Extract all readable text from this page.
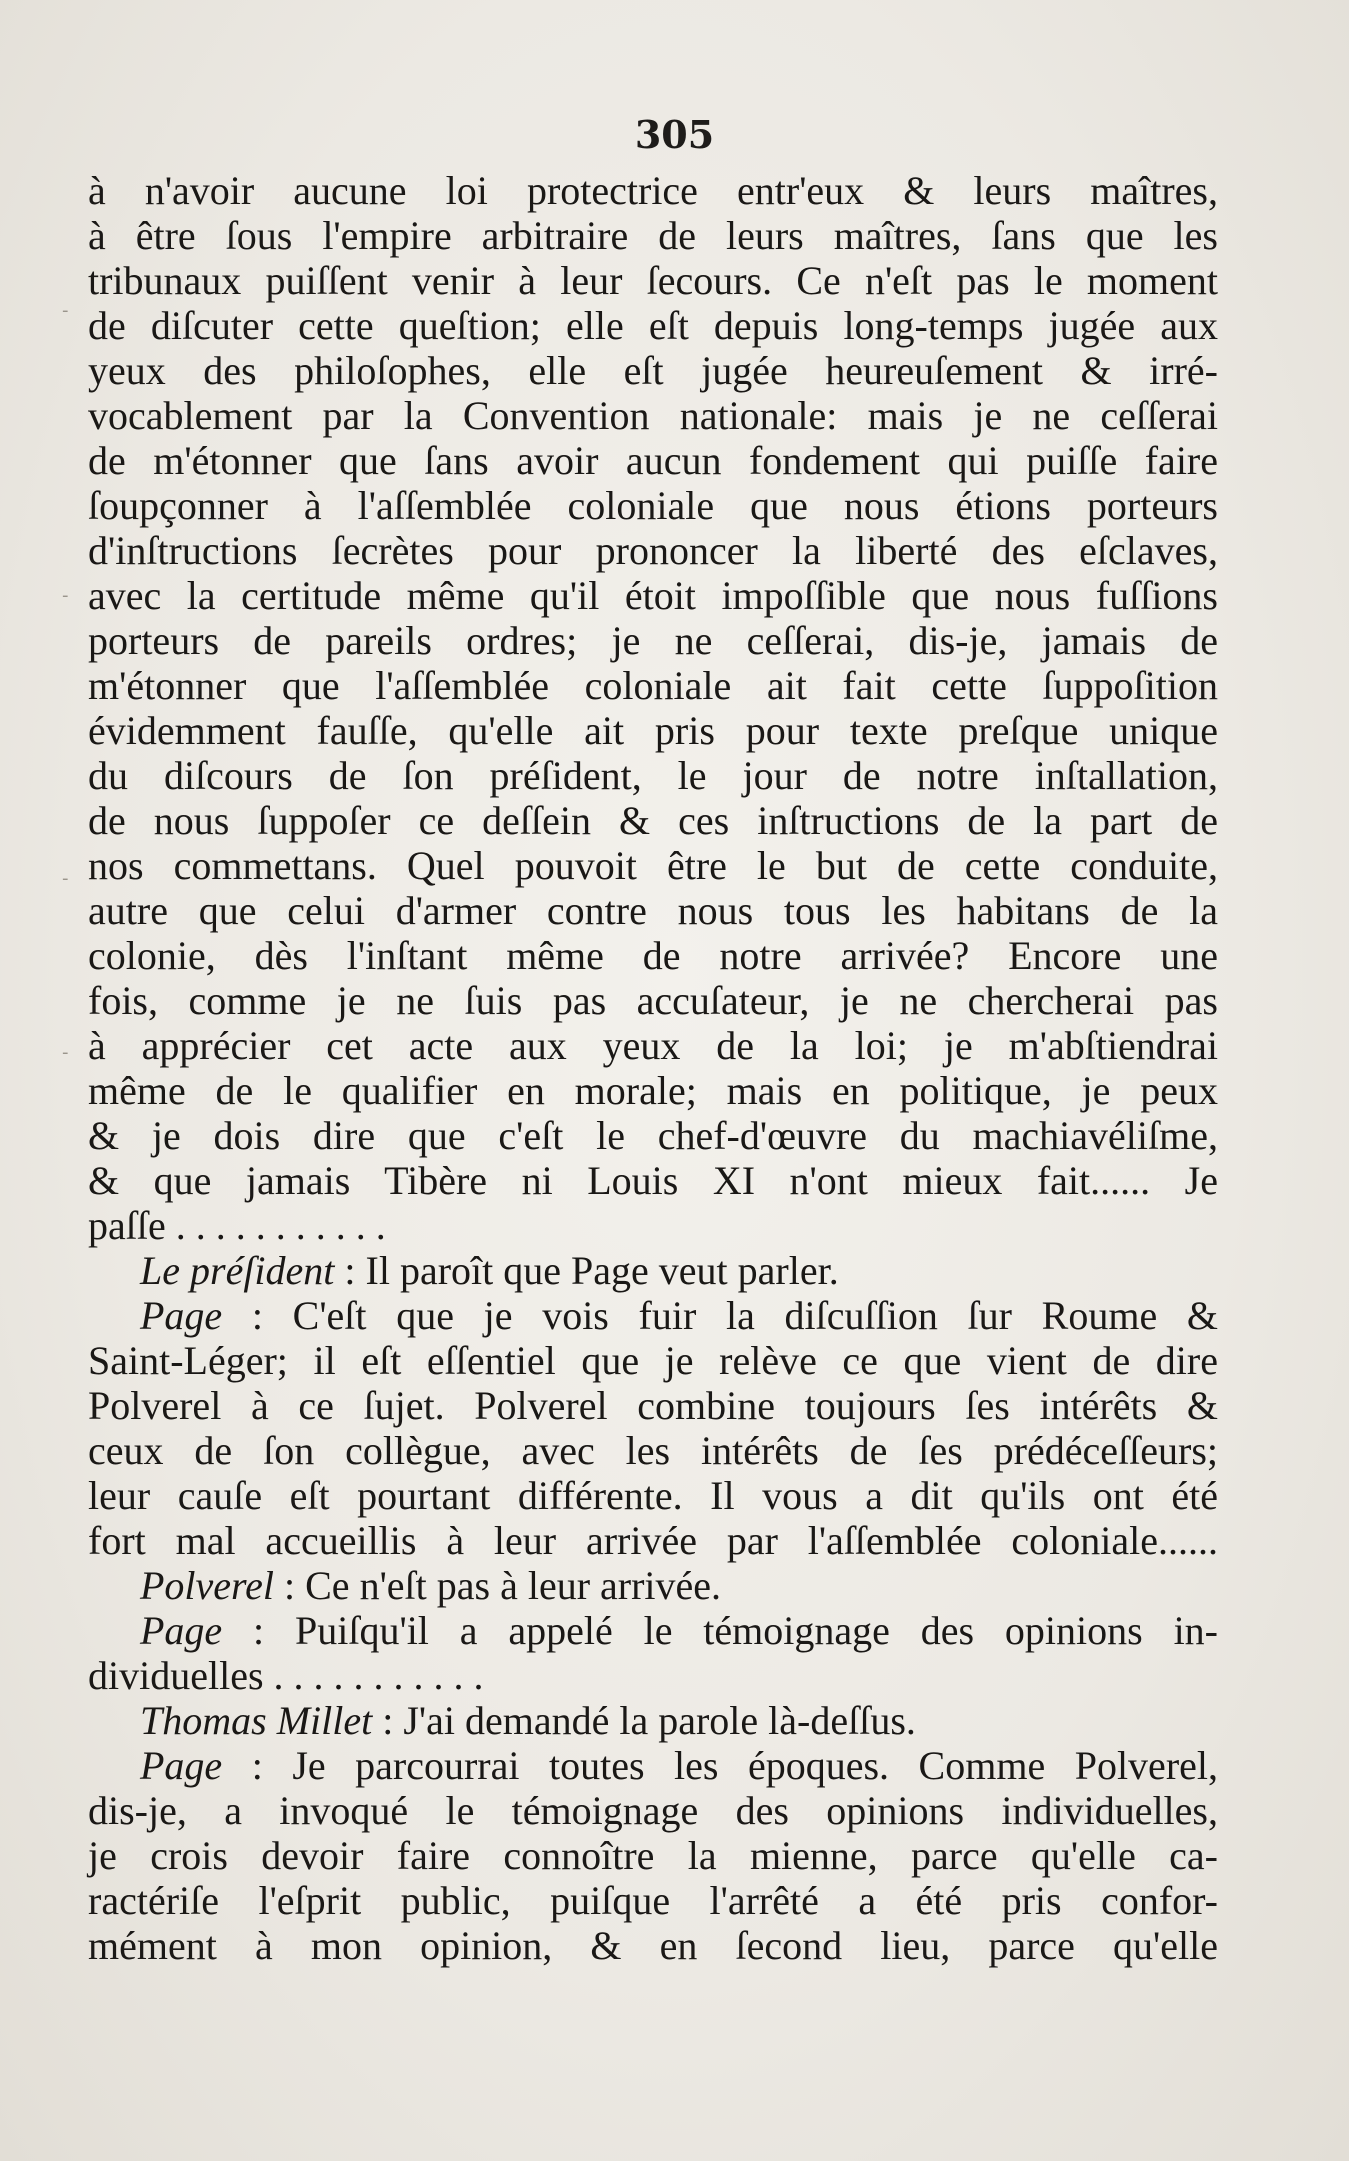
-
-
-
-
305
à n'avoir aucune loi protectrice entr'eux & leurs maîtres,
à être ſous l'empire arbitraire de leurs maîtres, ſans que les
tribunaux puiſſent venir à leur ſecours. Ce n'eſt pas le moment
de diſcuter cette queſtion; elle eſt depuis long-temps jugée aux
yeux des philoſophes, elle eſt jugée heureuſement & irré-
vocablement par la Convention nationale: mais je ne ceſſerai
de m'étonner que ſans avoir aucun fondement qui puiſſe faire
ſoupçonner à l'aſſemblée coloniale que nous étions porteurs
d'inſtructions ſecrètes pour prononcer la liberté des eſclaves,
avec la certitude même qu'il étoit impoſſible que nous fuſſions
porteurs de pareils ordres; je ne ceſſerai, dis-je, jamais de
m'étonner que l'aſſemblée coloniale ait fait cette ſuppoſition
évidemment fauſſe, qu'elle ait pris pour texte preſque unique
du diſcours de ſon préſident, le jour de notre inſtallation,
de nous ſuppoſer ce deſſein & ces inſtructions de la part de
nos commettans. Quel pouvoit être le but de cette conduite,
autre que celui d'armer contre nous tous les habitans de la
colonie, dès l'inſtant même de notre arrivée? Encore une
fois, comme je ne ſuis pas accuſateur, je ne chercherai pas
à apprécier cet acte aux yeux de la loi; je m'abſtiendrai
même de le qualifier en morale; mais en politique, je peux
& je dois dire que c'eſt le chef-d'œuvre du machiavéliſme,
& que jamais Tibère ni Louis XI n'ont mieux fait...... Je
paſſe . . . . . . . . . . .
Le préſident : Il paroît que Page veut parler.
Page : C'eſt que je vois fuir la diſcuſſion ſur Roume &
Saint-Léger; il eſt eſſentiel que je relève ce que vient de dire
Polverel à ce ſujet. Polverel combine toujours ſes intérêts &
ceux de ſon collègue, avec les intérêts de ſes prédéceſſeurs;
leur cauſe eſt pourtant différente. Il vous a dit qu'ils ont été
fort mal accueillis à leur arrivée par l'aſſemblée coloniale......
Polverel : Ce n'eſt pas à leur arrivée.
Page : Puiſqu'il a appelé le témoignage des opinions in-
dividuelles . . . . . . . . . . .
Thomas Millet : J'ai demandé la parole là-deſſus.
Page : Je parcourrai toutes les époques. Comme Polverel,
dis-je, a invoqué le témoignage des opinions individuelles,
je crois devoir faire connoître la mienne, parce qu'elle ca-
ractériſe l'eſprit public, puiſque l'arrêté a été pris confor-
mément à mon opinion, & en ſecond lieu, parce qu'elle
